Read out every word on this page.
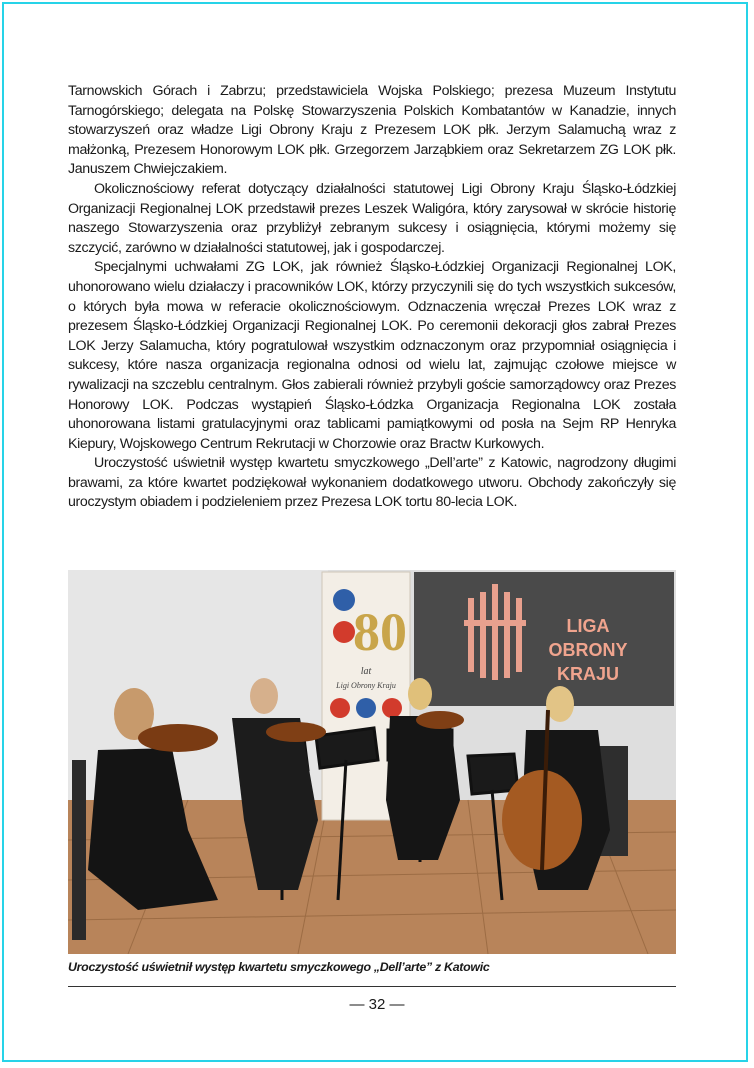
Tarnowskich Górach i Zabrzu; przedstawiciela Wojska Polskiego; prezesa Muzeum Instytutu Tarnogórskiego; delegata na Polskę Stowarzyszenia Polskich Kombatantów w Kanadzie, innych stowarzyszeń oraz władze Ligi Obrony Kraju z Prezesem LOK płk. Jerzym Salamuchą wraz z małżonką, Prezesem Honorowym LOK płk. Grzegorzem Jarząbkiem oraz Sekretarzem ZG LOK płk. Januszem Chwiejczakiem.

Okolicznościowy referat dotyczący działalności statutowej Ligi Obrony Kraju Śląsko-Łódzkiej Organizacji Regionalnej LOK przedstawił prezes Leszek Waligóra, który zarysował w skrócie historię naszego Stowarzyszenia oraz przybliżył zebranym sukcesy i osiągnięcia, którymi możemy się szczycić, zarówno w działalności statutowej, jak i gospodarczej.

Specjalnymi uchwałami ZG LOK, jak również Śląsko-Łódzkiej Organizacji Regionalnej LOK, uhonorowano wielu działaczy i pracowników LOK, którzy przyczynili się do tych wszystkich sukcesów, o których była mowa w referacie okolicznościowym. Odznaczenia wręczał Prezes LOK wraz z prezesem Śląsko-Łódzkiej Organizacji Regionalnej LOK. Po ceremonii dekoracji głos zabrał Prezes LOK Jerzy Salamucha, który pogratulował wszystkim odznaczonym oraz przypomniał osiągnięcia i sukcesy, które nasza organizacja regionalna odnosi od wielu lat, zajmując czołowe miejsce w rywalizacji na szczeblu centralnym. Głos zabierali również przybyli goście samorządowcy oraz Prezes Honorowy LOK. Podczas wystąpień Śląsko-Łódzka Organizacja Regionalna LOK została uhonorowana listami gratulacyjnymi oraz tablicami pamiątkowymi od posła na Sejm RP Henryka Kiepury, Wojskowego Centrum Rekrutacji w Chorzowie oraz Bractw Kurkowych.

Uroczystość uświetnił występ kwartetu smyczkowego „Dell’arte” z Katowic, nagrodzony długimi brawami, za które kwartet podziękował wykonaniem dodatkowego utworu. Obchody zakończyły się uroczystym obiadem i podzieleniem przez Prezesa LOK tortu 80-lecia LOK.

LIGA
OBRONY
KRAJU
80
lat
Ligi Obrony Kraju
Uroczystość uświetnił występ kwartetu smyczkowego „Dell’arte” z Katowic
— 32 —
